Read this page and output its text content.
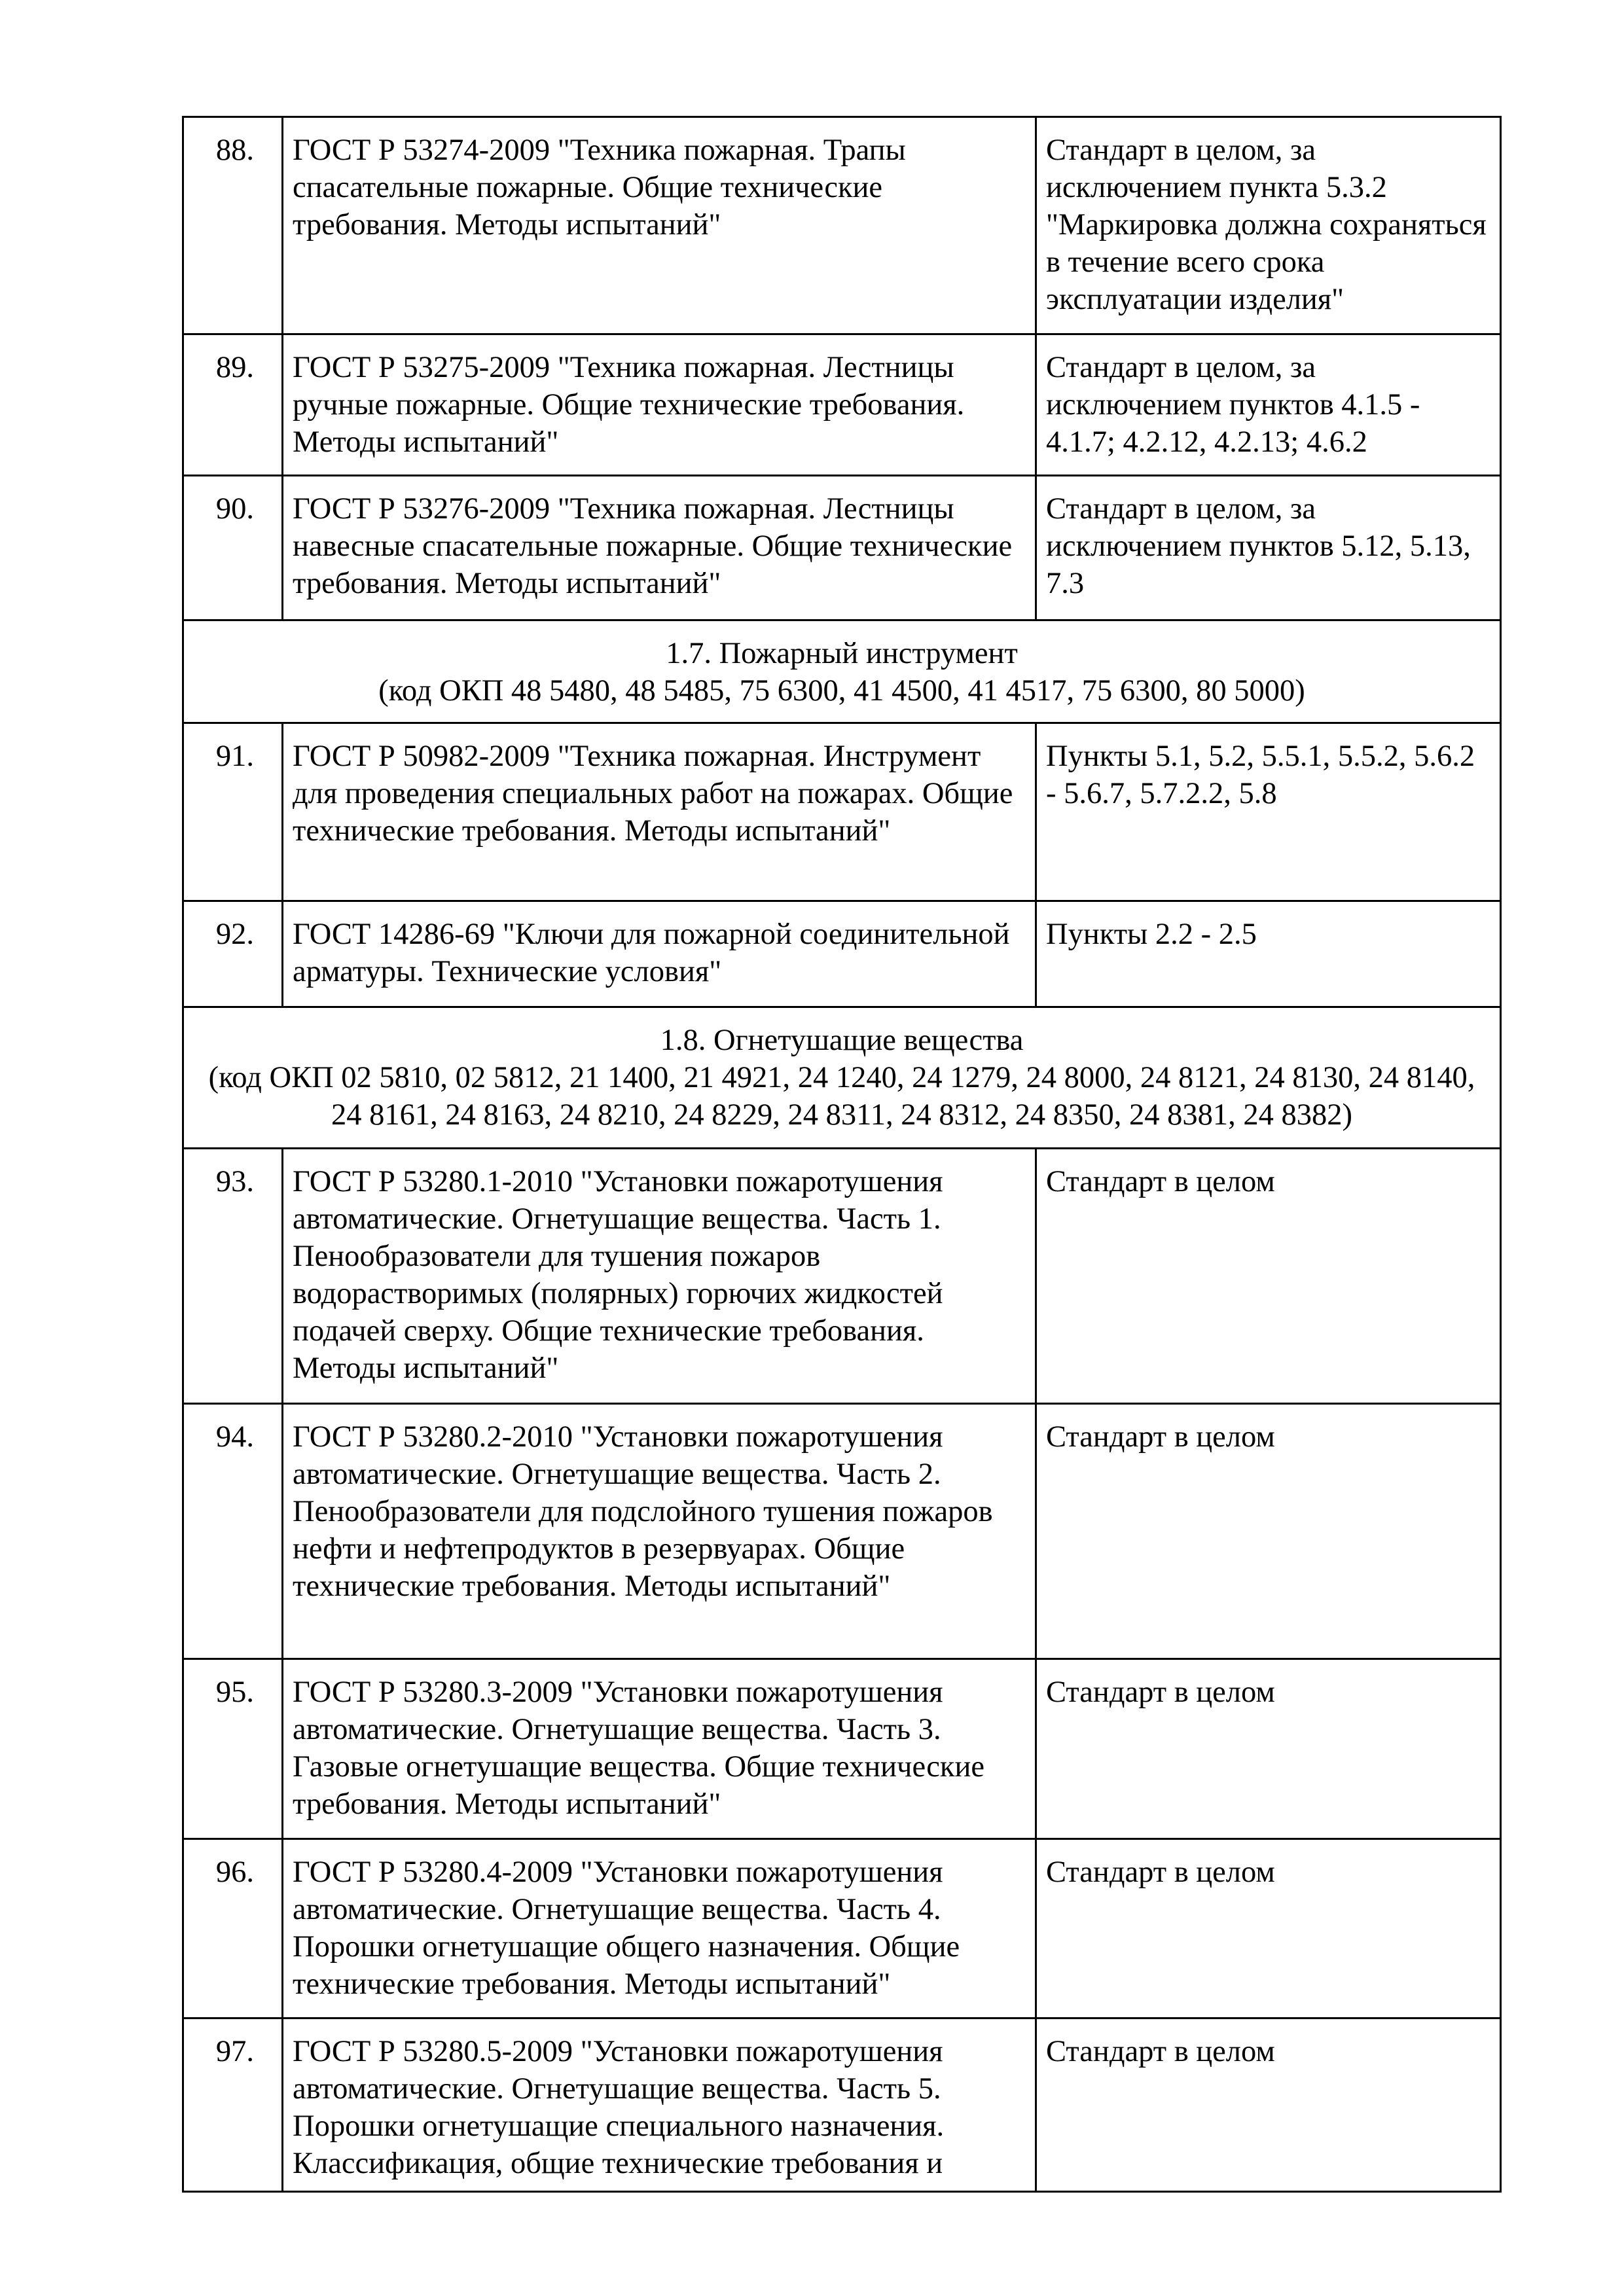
88.	ГОСТ Р 53274-2009 "Техника пожарная. Трапы спасательные пожарные. Общие технические требования. Методы испытаний"	Стандарт в целом, за исключением пункта 5.3.2 "Маркировка должна сохраняться в течение всего срока эксплуатации изделия"
89.	ГОСТ Р 53275-2009 "Техника пожарная. Лестницы ручные пожарные. Общие технические требования. Методы испытаний"	Стандарт в целом, за исключением пунктов 4.1.5 - 4.1.7; 4.2.12, 4.2.13; 4.6.2
90.	ГОСТ Р 53276-2009 "Техника пожарная. Лестницы навесные спасательные пожарные. Общие технические требования. Методы испытаний"	Стандарт в целом, за исключением пунктов 5.12, 5.13, 7.3

1.7. Пожарный инструмент
(код ОКП 48 5480, 48 5485, 75 6300, 41 4500, 41 4517, 75 6300, 80 5000)		

91.	ГОСТ Р 50982-2009 "Техника пожарная. Инструмент для проведения специальных работ на пожарах. Общие технические требования. Методы испытаний"	Пункты 5.1, 5.2, 5.5.1, 5.5.2, 5.6.2 - 5.6.7, 5.7.2.2, 5.8
92.	ГОСТ 14286-69 "Ключи для пожарной соединительной арматуры. Технические условия"	Пункты 2.2 - 2.5

1.8. Огнетушащие вещества
(код ОКП 02 5810, 02 5812, 21 1400, 21 4921, 24 1240, 24 1279, 24 8000, 24 8121, 24 8130, 24 8140, 24 8161, 24 8163, 24 8210, 24 8229, 24 8311, 24 8312, 24 8350, 24 8381, 24 8382)		

93.	ГОСТ Р 53280.1-2010 "Установки пожаротушения автоматические. Огнетушащие вещества. Часть 1. Пенообразователи для тушения пожаров водорастворимых (полярных) горючих жидкостей подачей сверху. Общие технические требования. Методы испытаний"	Стандарт в целом
94.	ГОСТ Р 53280.2-2010 "Установки пожаротушения автоматические. Огнетушащие вещества. Часть 2. Пенообразователи для подслойного тушения пожаров нефти и нефтепродуктов в резервуарах. Общие технические требования. Методы испытаний"	Стандарт в целом
95.	ГОСТ Р 53280.3-2009 "Установки пожаротушения автоматические. Огнетушащие вещества. Часть 3. Газовые огнетушащие вещества. Общие технические требования. Методы испытаний"	Стандарт в целом
96.	ГОСТ Р 53280.4-2009 "Установки пожаротушения автоматические. Огнетушащие вещества. Часть 4. Порошки огнетушащие общего назначения. Общие технические требования. Методы испытаний"	Стандарт в целом
97.	ГОСТ Р 53280.5-2009 "Установки пожаротушения автоматические. Огнетушащие вещества. Часть 5. Порошки огнетушащие специального назначения. Классификация, общие технические требования и	Стандарт в целом
